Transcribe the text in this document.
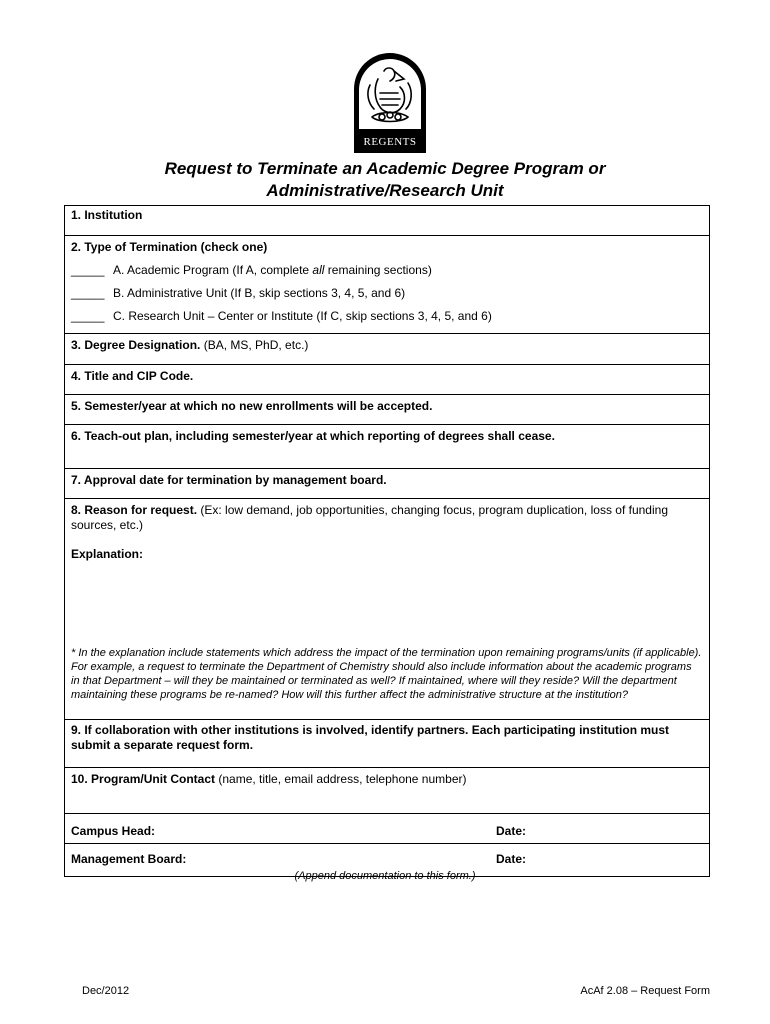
REGENTS
Request to Terminate an Academic Degree Program or
Administrative/Research Unit
1. Institution
2. Type of Termination (check one)
_____ A. Academic Program (If A, complete all remaining sections)
_____ B. Administrative Unit (If B, skip sections 3, 4, 5, and 6)
_____ C. Research Unit – Center or Institute (If C, skip sections 3, 4, 5, and 6)
3. Degree Designation. (BA, MS, PhD, etc.)
4. Title and CIP Code.
5. Semester/year at which no new enrollments will be accepted.
6. Teach-out plan, including semester/year at which reporting of degrees shall cease.
7. Approval date for termination by management board.
8. Reason for request. (Ex: low demand, job opportunities, changing focus, program duplication, loss of funding sources, etc.)
Explanation:
* In the explanation include statements which address the impact of the termination upon remaining programs/units (if applicable). For example, a request to terminate the Department of Chemistry should also include information about the academic programs in that Department – will they be maintained or terminated as well? If maintained, where will they reside? Will the department maintaining these programs be re-named? How will this further affect the administrative structure at the institution?
9. If collaboration with other institutions is involved, identify partners. Each participating institution must submit a separate request form.
10. Program/Unit Contact (name, title, email address, telephone number)
Campus Head:	Date:
Management Board:	Date:
(Append documentation to this form.)
Dec/2012	AcAf 2.08 – Request Form
